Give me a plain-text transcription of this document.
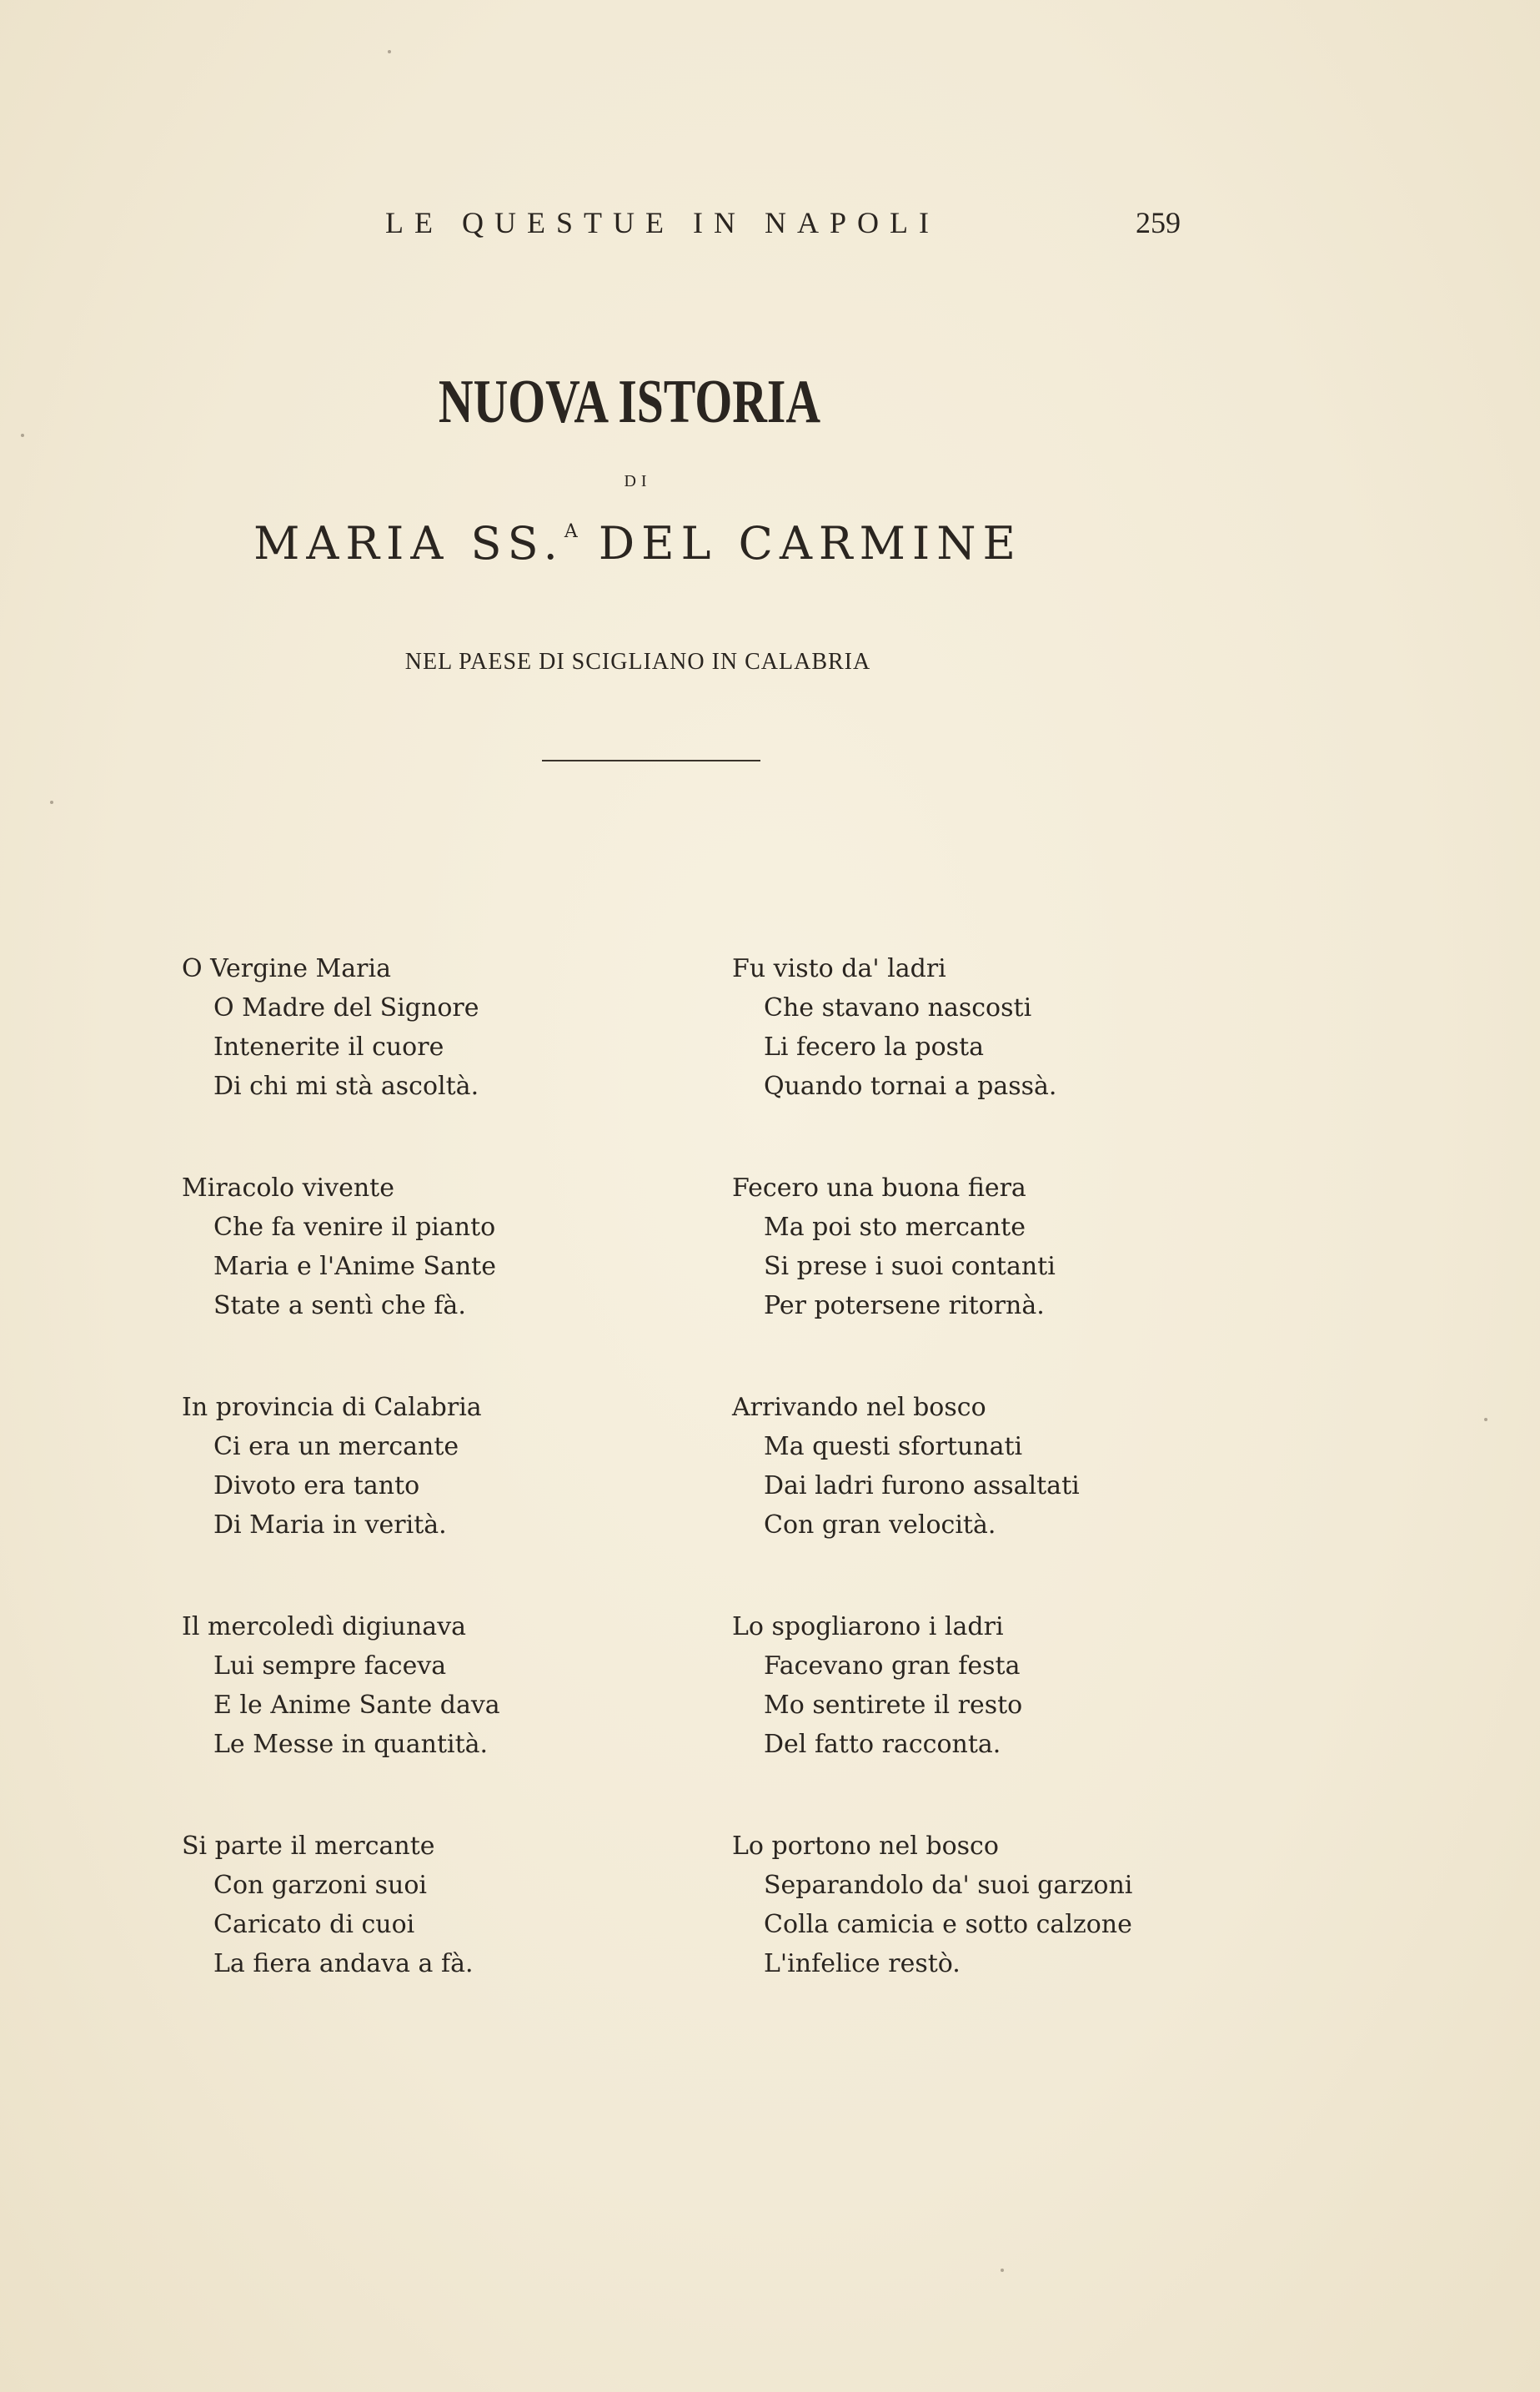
LE QUESTUE IN NAPOLI	259
NUOVA ISTORIA
DI
MARIA SS.$^A$ DEL CARMINE
NEL PAESE DI SCIGLIANO IN CALABRIA
O Vergine Maria
O Madre del Signore
Intenerite il cuore
Di chi mi stà ascoltà.
Miracolo vivente
Che fa venire il pianto
Maria e l'Anime Sante
State a sentì che fà.
In provincia di Calabria
Ci era un mercante
Divoto era tanto
Di Maria in verità.
Il mercoledì digiunava
Lui sempre faceva
E le Anime Sante dava
Le Messe in quantità.
Si parte il mercante
Con garzoni suoi
Caricato di cuoi
La fiera andava a fà.
Fu visto da' ladri
Che stavano nascosti
Li fecero la posta
Quando tornai a passà.
Fecero una buona fiera
Ma poi sto mercante
Si prese i suoi contanti
Per potersene ritornà.
Arrivando nel bosco
Ma questi sfortunati
Dai ladri furono assaltati
Con gran velocità.
Lo spogliarono i ladri
Facevano gran festa
Mo sentirete il resto
Del fatto racconta.
Lo portono nel bosco
Separandolo da' suoi garzoni
Colla camicia e sotto calzone
L'infelice restò.
